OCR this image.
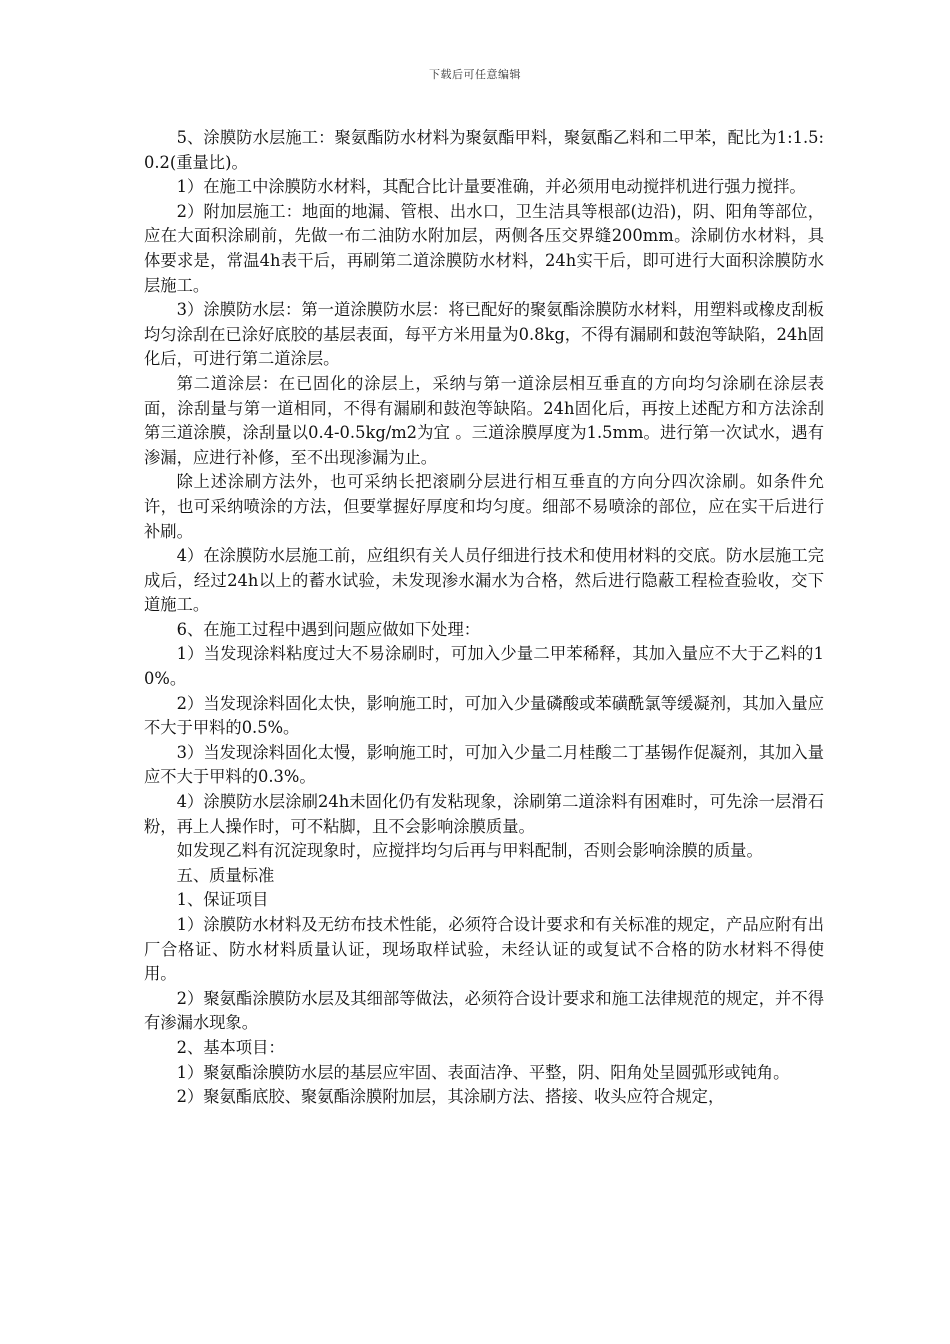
下载后可任意编辑

5、涂膜防水层施工：聚氨酯防水材料为聚氨酯甲料，聚氨酯乙料和二甲苯，配比为1:1.5:0.2(重量比)。

1）在施工中涂膜防水材料，其配合比计量要准确，并必须用电动搅拌机进行强力搅拌。

2）附加层施工：地面的地漏、管根、出水口，卫生洁具等根部(边沿)，阴、阳角等部位，应在大面积涂刷前，先做一布二油防水附加层，两侧各压交界缝200mm。涂刷仿水材料，具体要求是，常温4h表干后，再刷第二道涂膜防水材料，24h实干后，即可进行大面积涂膜防水层施工。

3）涂膜防水层：第一道涂膜防水层：将已配好的聚氨酯涂膜防水材料，用塑料或橡皮刮板均匀涂刮在已涂好底胶的基层表面，每平方米用量为0.8kg，不得有漏刷和鼓泡等缺陷，24h固化后，可进行第二道涂层。

第二道涂层：在已固化的涂层上，采纳与第一道涂层相互垂直的方向均匀涂刷在涂层表面，涂刮量与第一道相同，不得有漏刷和鼓泡等缺陷。24h固化后，再按上述配方和方法涂刮第三道涂膜，涂刮量以0.4-0.5kg/m2为宜 。三道涂膜厚度为1.5mm。进行第一次试水，遇有渗漏，应进行补修，至不出现渗漏为止。

除上述涂刷方法外，也可采纳长把滚刷分层进行相互垂直的方向分四次涂刷。如条件允许，也可采纳喷涂的方法，但要掌握好厚度和均匀度。细部不易喷涂的部位，应在实干后进行补刷。

4）在涂膜防水层施工前，应组织有关人员仔细进行技术和使用材料的交底。防水层施工完成后，经过24h以上的蓄水试验，未发现渗水漏水为合格，然后进行隐蔽工程检查验收，交下道施工。

6、在施工过程中遇到问题应做如下处理：

1）当发现涂料粘度过大不易涂刷时，可加入少量二甲苯稀释，其加入量应不大于乙料的10%。

2）当发现涂料固化太快，影响施工时，可加入少量磷酸或苯磺酰氯等缓凝剂，其加入量应不大于甲料的0.5%。

3）当发现涂料固化太慢，影响施工时，可加入少量二月桂酸二丁基锡作促凝剂，其加入量应不大于甲料的0.3%。

4）涂膜防水层涂刷24h未固化仍有发粘现象，涂刷第二道涂料有困难时，可先涂一层滑石粉，再上人操作时，可不粘脚，且不会影响涂膜质量。

如发现乙料有沉淀现象时，应搅拌均匀后再与甲料配制，否则会影响涂膜的质量。

五、质量标准

1、保证项目

1）涂膜防水材料及无纺布技术性能，必须符合设计要求和有关标准的规定，产品应附有出厂合格证、防水材料质量认证，现场取样试验，未经认证的或复试不合格的防水材料不得使用。

2）聚氨酯涂膜防水层及其细部等做法，必须符合设计要求和施工法律规范的规定，并不得有渗漏水现象。

2、基本项目：

1）聚氨酯涂膜防水层的基层应牢固、表面洁净、平整，阴、阳角处呈圆弧形或钝角。

2）聚氨酯底胶、聚氨酯涂膜附加层，其涂刷方法、搭接、收头应符合规定，
